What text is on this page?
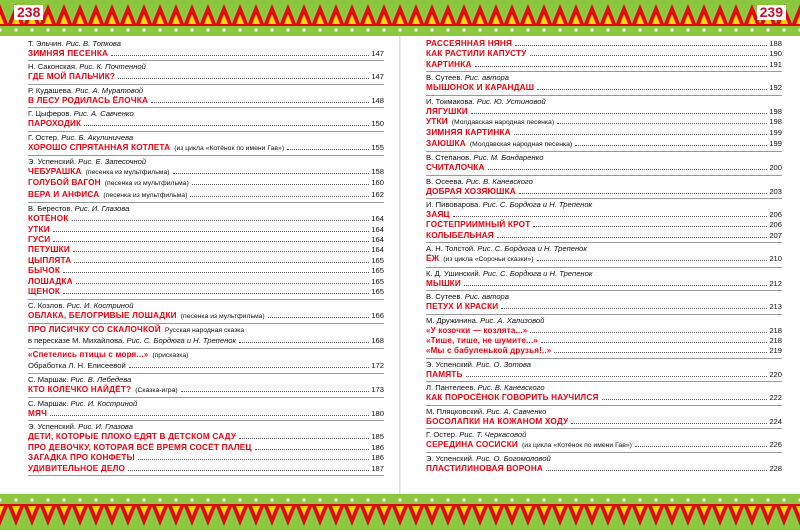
238	239
Т. Эльчин. Рис. В. Топкова
ЗИМНЯЯ ПЕСЕНКА	147
Н. Саконская. Рис. К. Почтенной
ГДЕ МОЙ ПАЛЬЧИК?	147
Р. Кудашева. Рис. А. Муратовой
В ЛЕСУ РОДИЛАСЬ ЁЛОЧКА	148
Г. Цыферов. Рис. А. Савченко
ПАРОХОДИК	150
Г. Остер. Рис. Б. Акулиничева
ХОРОШО СПРЯТАННАЯ КОТЛЕТА (из цикла «Котёнок по имени Гав»)	155
Э. Успенский. Рис. Е. Запесочной
ЧЕБУРАШКА (песенка из мультфильма)	158
ГОЛУБОЙ ВАГОН (песенка из мультфильма)	160
ВЕРА И АНФИСА (песенка из мультфильма)	162
В. Берестов. Рис. И. Глазова
КОТЁНОК	164
УТКИ	164
ГУСИ	164
ПЕТУШКИ	164
ЦЫПЛЯТА	165
БЫЧОК	165
ЛОШАДКА	165
ЩЕНОК	165
С. Козлов. Рис. И. Костриной
ОБЛАКА, БЕЛОГРИВЫЕ ЛОШАДКИ (песенка из мультфильма)	166
ПРО ЛИСИЧКУ СО СКАЛОЧКОЙ Русская народная сказка
в пересказе М. Михайлова.
Рис. С. Бордюга и Н. Трепенок	168
«Спетелись птицы с моря...» (присказка)
Обработка Л. Н. Елисеевой	172
С. Маршак. Рис. В. Лебедева
КТО КОЛЕЧКО НАЙДЁТ? (Сказка-игра)	173
С. Маршак. Рис. И. Костриной
МЯЧ	180
Э. Успенский. Рис. И. Глазова
ДЕТИ, КОТОРЫЕ ПЛОХО ЕДЯТ В ДЕТСКОМ САДУ	185
ПРО ДЕВОЧКУ, КОТОРАЯ ВСЁ ВРЕМЯ СОСЁТ ПАЛЕЦ	186
ЗАГАДКА ПРО КОНФЕТЫ	186
УДИВИТЕЛЬНОЕ ДЕЛО	187
РАССЕЯННАЯ НЯНЯ	188
КАК РАСТИЛИ КАПУСТУ	190
КАРТИНКА	191
В. Сутеев. Рис. автора
МЫШОНОК И КАРАНДАШ	192
И. Токмакова. Рис. Ю. Устиновой
ЛЯГУШКИ	198
УТКИ (Молдавская народная песенка)	198
ЗИМНЯЯ КАРТИНКА	199
ЗАЮШКА (Молдавская народная песенка)	199
В. Степанов. Рис. М. Бондаренко
СЧИТАЛОЧКА	200
В. Осеева. Рис. В. Каневского
ДОБРАЯ ХОЗЯЮШКА	203
И. Пивоварова. Рис. С. Бордюга и Н. Трепенок
ЗАЯЦ	206
ГОСТЕПРИИМНЫЙ КРОТ	206
КОЛЫБЕЛЬНАЯ	207
А. Н. Толстой. Рис. С. Бордюга и Н. Трепенок
ЁЖ (из цикла «Сорочьи сказки»)	210
К. Д. Ушинский. Рис. С. Бордюга и Н. Трепенок
МЫШКИ	212
В. Сутеев. Рис. автора
ПЕТУХ И КРАСКИ	213
М. Дружинина. Рис. А. Хализовой
«У козочки — козлята...»	218
«Тише, тише, не шумите...»	218
«Мы с бабуленькой друзья!..»	219
Э. Успенский. Рис. О. Зотова
ПАМЯТЬ	220
Л. Пантелеев. Рис. В. Каневского
КАК ПОРОСЁНОК ГОВОРИТЬ НАУЧИЛСЯ	222
М. Пляцковский. Рис. А. Савченко
БОСОЛАПКИ НА КОЖАНОМ ХОДУ	224
Г. Остер. Рис. Т. Черкасовой
СЕРЕДИНА СОСИСКИ (из цикла «Котёнок по имени Гав»)	226
Э. Успенский. Рис. О. Богомоловой
ПЛАСТИЛИНОВАЯ ВОРОНА	228
